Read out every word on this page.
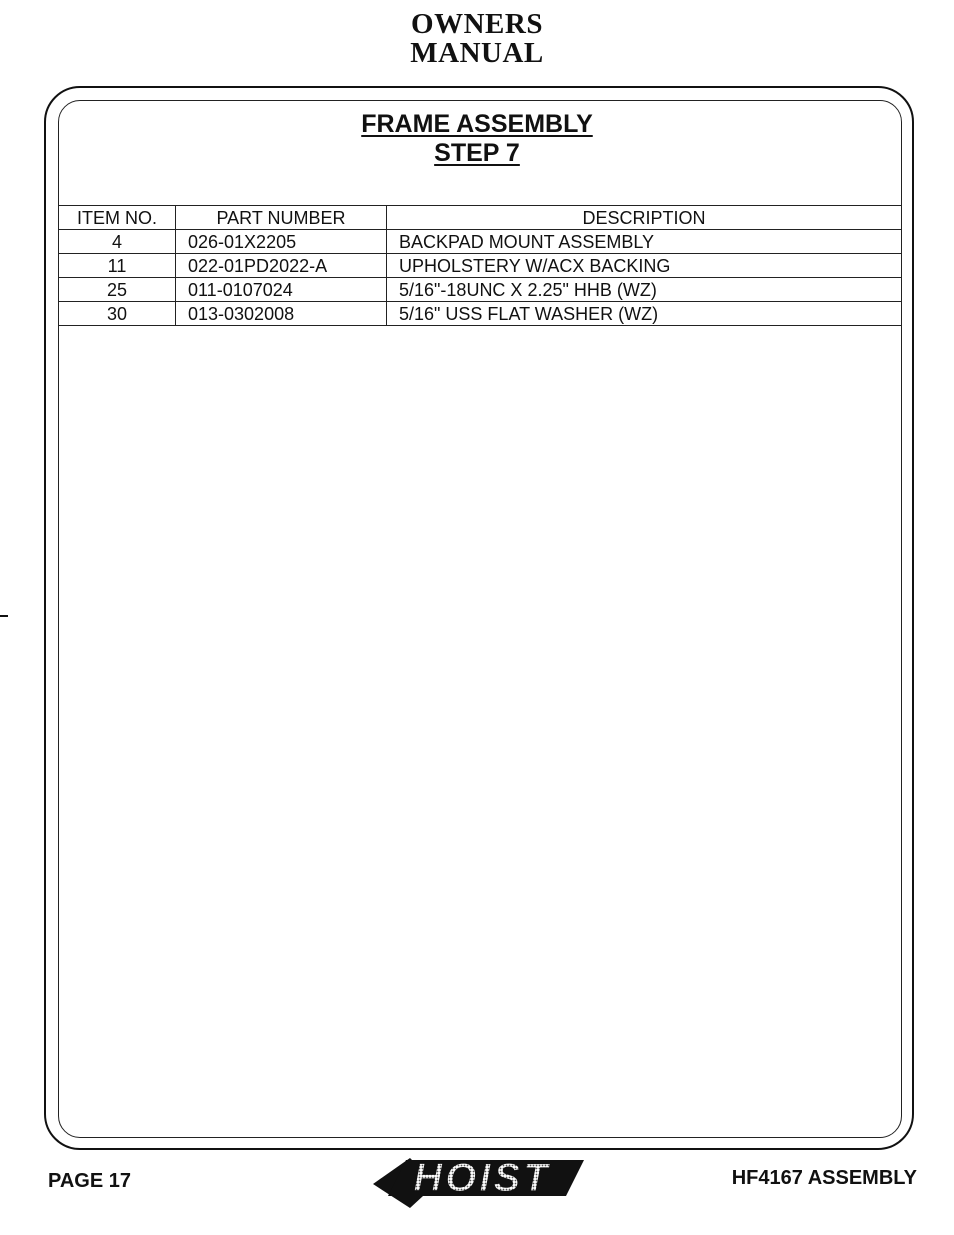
OWNERS
MANUAL
FRAME ASSEMBLY
STEP 7
ITEM NO.	PART NUMBER	DESCRIPTION
4	026-01X2205	BACKPAD MOUNT ASSEMBLY
11	022-01PD2022-A	UPHOLSTERY W/ACX BACKING
25	011-0107024	5/16"-18UNC X 2.25" HHB (WZ)
30	013-0302008	5/16" USS FLAT WASHER (WZ)
PAGE 17	HOIST	HF4167 ASSEMBLY
